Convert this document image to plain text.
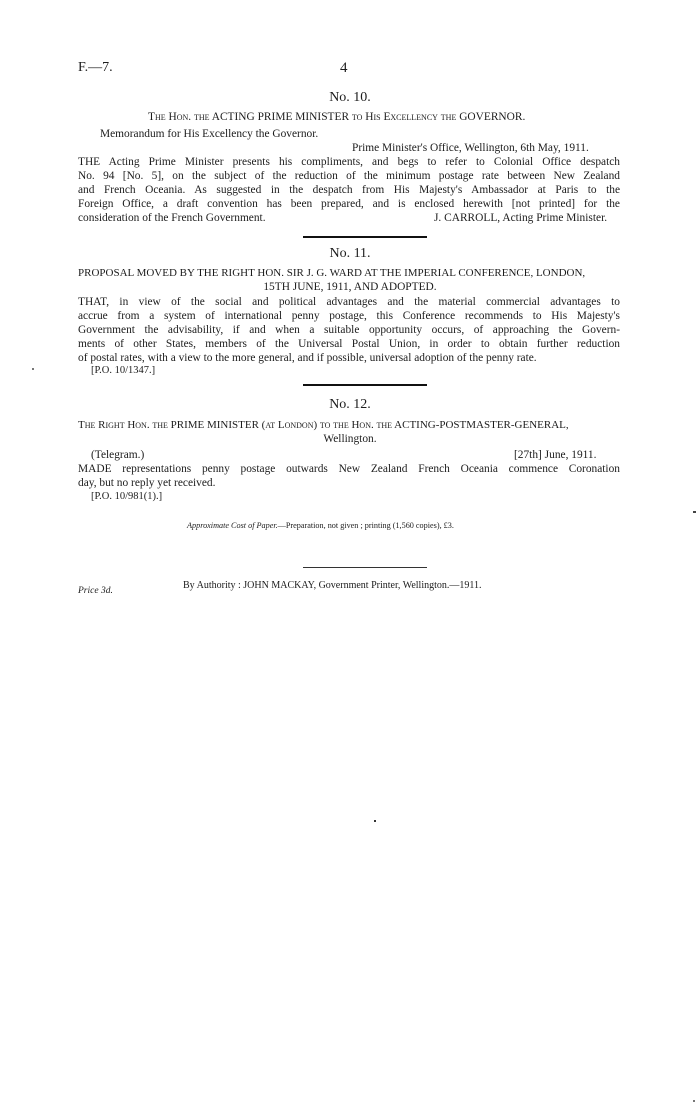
F.—7.	4
No. 10.
The Hon. the ACTING PRIME MINISTER to His Excellency the GOVERNOR.
Memorandum for His Excellency the Governor.
Prime Minister's Office, Wellington, 6th May, 1911.
THE Acting Prime Minister presents his compliments, and begs to refer to Colonial Office despatch
No. 94 [No. 5], on the subject of the reduction of the minimum postage rate between New Zealand
and French Oceania. As suggested in the despatch from His Majesty's Ambassador at Paris to the
Foreign Office, a draft convention has been prepared, and is enclosed herewith [not printed] for the
consideration of the French Government.	J. CARROLL, Acting Prime Minister.
No. 11.
PROPOSAL MOVED BY THE RIGHT HON. SIR J. G. WARD AT THE IMPERIAL CONFERENCE, LONDON,
15TH JUNE, 1911, AND ADOPTED.
THAT, in view of the social and political advantages and the material commercial advantages to
accrue from a system of international penny postage, this Conference recommends to His Majesty's
Government the advisability, if and when a suitable opportunity occurs, of approaching the Govern-
ments of other States, members of the Universal Postal Union, in order to obtain further reduction
of postal rates, with a view to the more general, and if possible, universal adoption of the penny rate.
[P.O. 10/1347.]
No. 12.
The Right Hon. the PRIME MINISTER (at London) to the Hon. the ACTING-POSTMASTER-GENERAL,
Wellington.
(Telegram.)	[27th] June, 1911.
MADE representations penny postage outwards New Zealand French Oceania commence Coronation
day, but no reply yet received.
[P.O. 10/981(1).]
Approximate Cost of Paper.—Preparation, not given ; printing (1,560 copies), £3.
By Authority : JOHN MACKAY, Government Printer, Wellington.—1911.
Price 3d.
